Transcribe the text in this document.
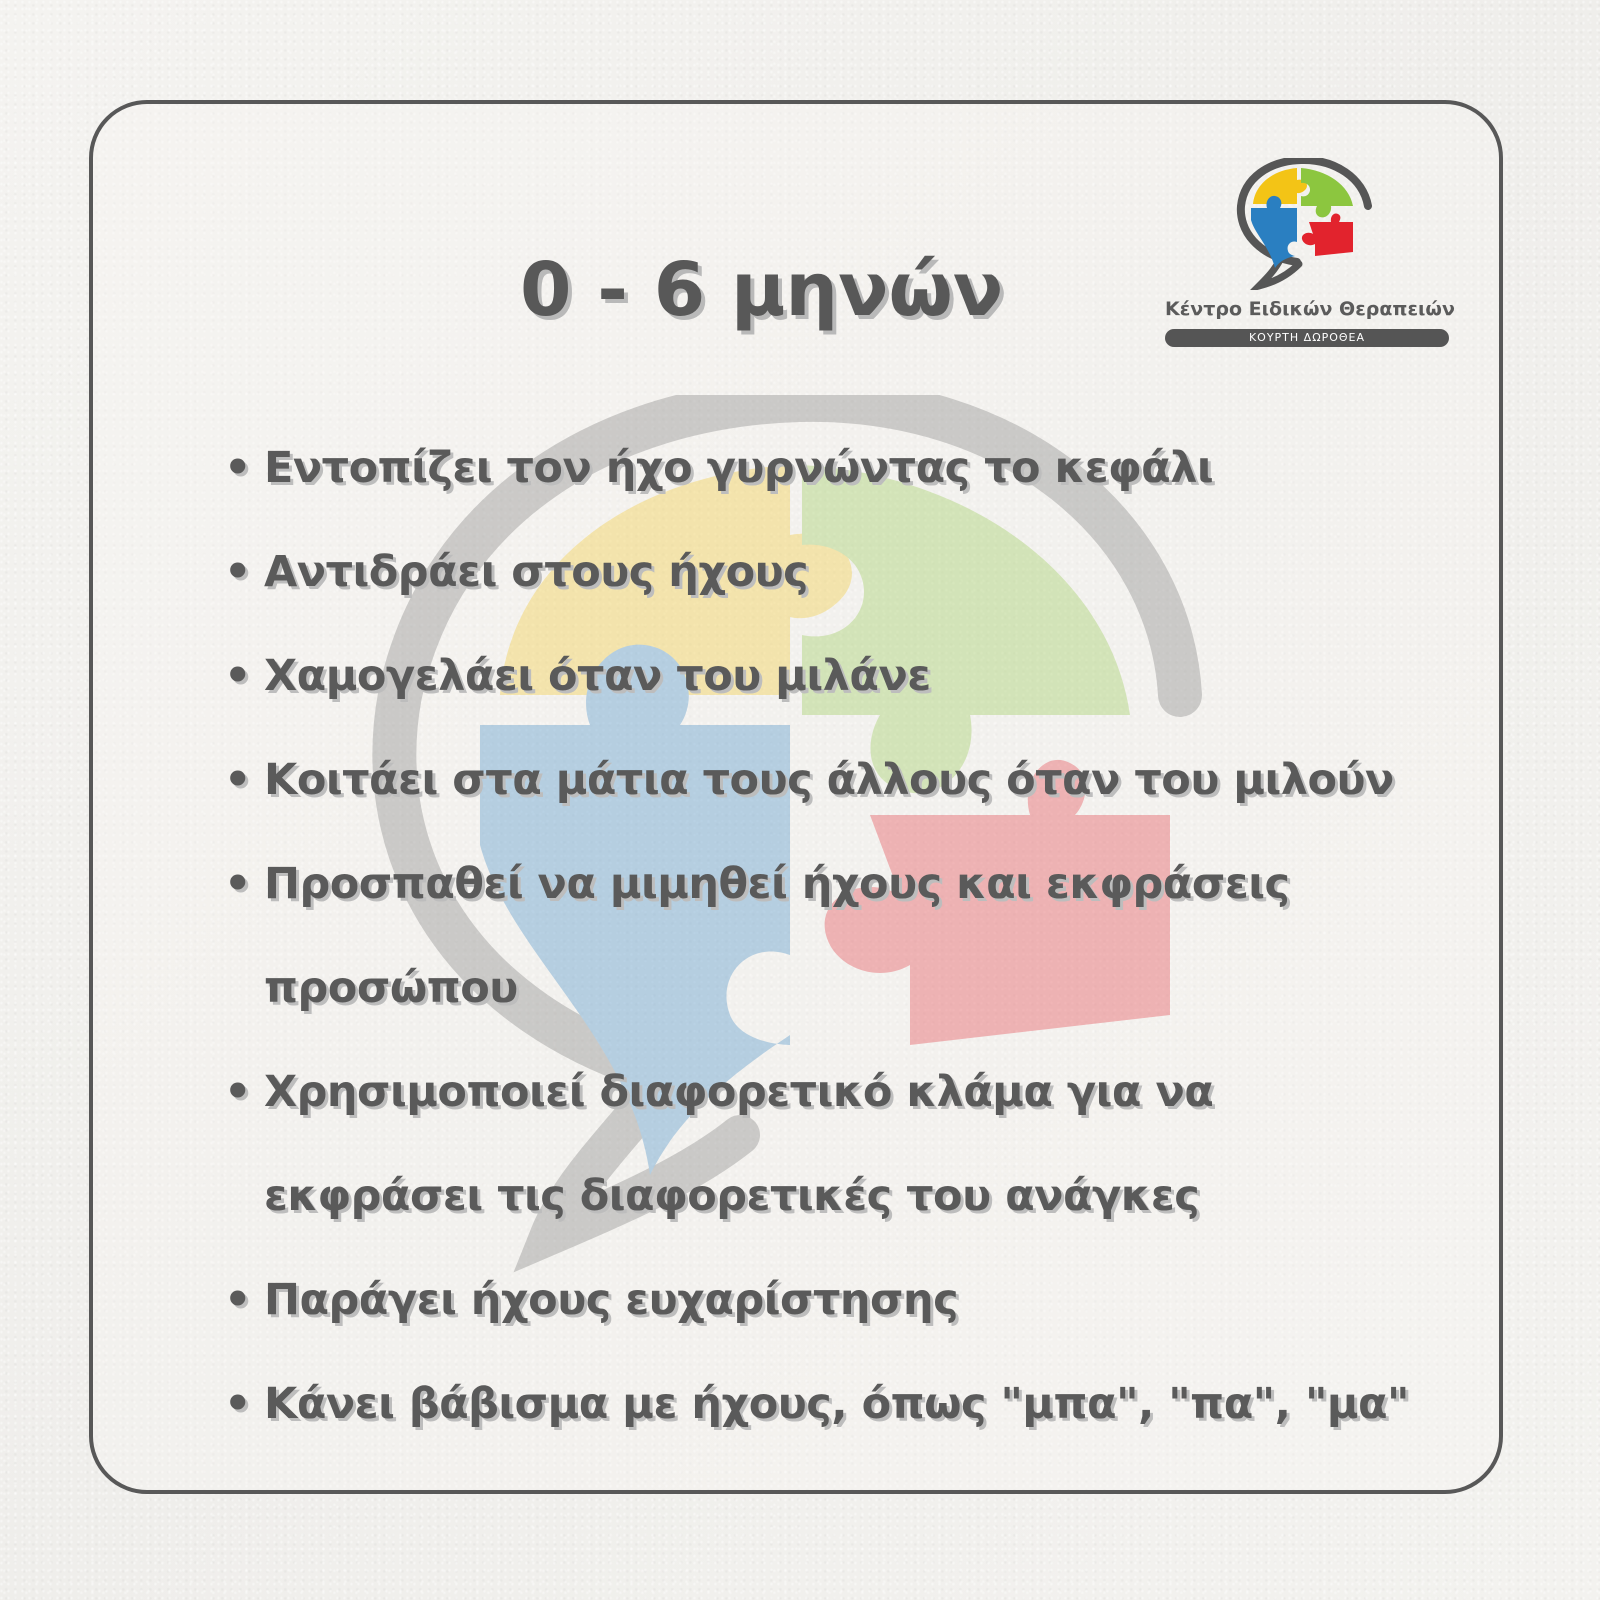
0 - 6 μηνών	Κέντρο Ειδικών Θεραπειών
ΚΟΥΡΤΗ ΔΩΡΟΘΕΑ
• Εντοπίζει τον ήχο γυρνώντας το κεφάλι
• Αντιδράει στους ήχους
• Χαμογελάει όταν του μιλάνε
• Κοιτάει στα μάτια τους άλλους όταν του μιλούν
• Προσπαθεί να μιμηθεί ήχους και εκφράσεις προσώπου
• Χρησιμοποιεί διαφορετικό κλάμα για να εκφράσει τις διαφορετικές του ανάγκες
• Παράγει ήχους ευχαρίστησης
• Κάνει βάβισμα με ήχους, όπως "μπα", "πα", "μα"
